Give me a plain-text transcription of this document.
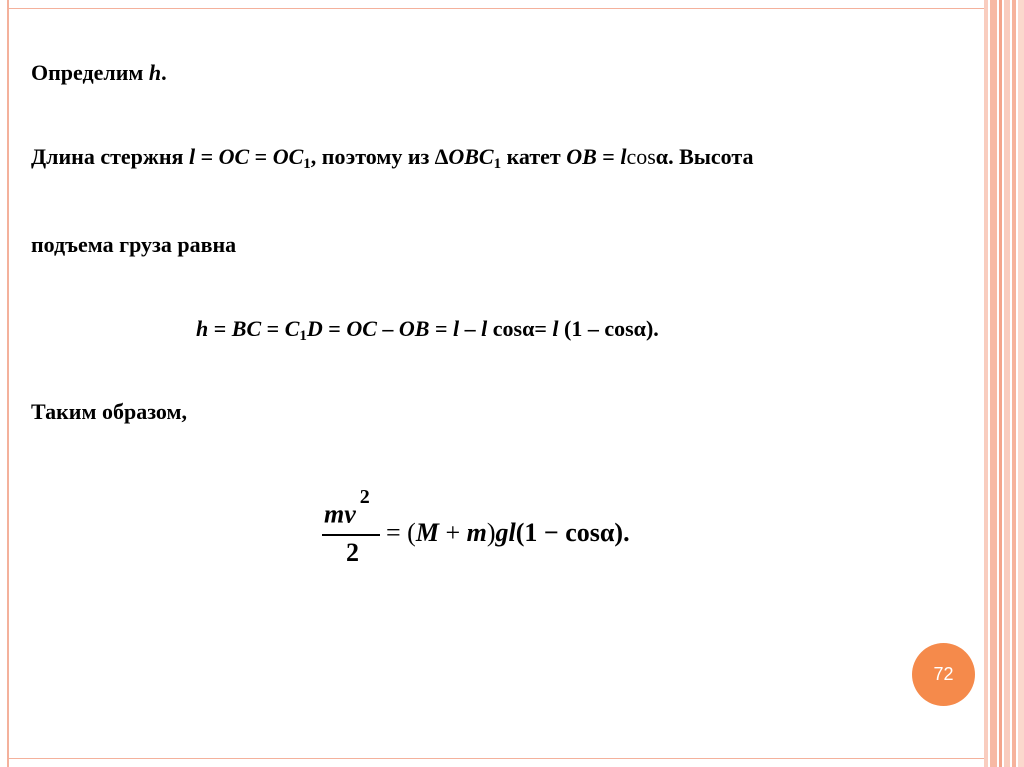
Определим h.
Длина стержня l = OC = $OC_1$, поэтому из $\Delta OBC_1$ катет OB = lcosα. Высота
подъема груза равна
h = BC = $C_1D$ = OC – OB = l – l cosα= l (1 – cosα).
Таким образом,
$mv^2$
2
= (M + m)gl(1 − cosα).
72
